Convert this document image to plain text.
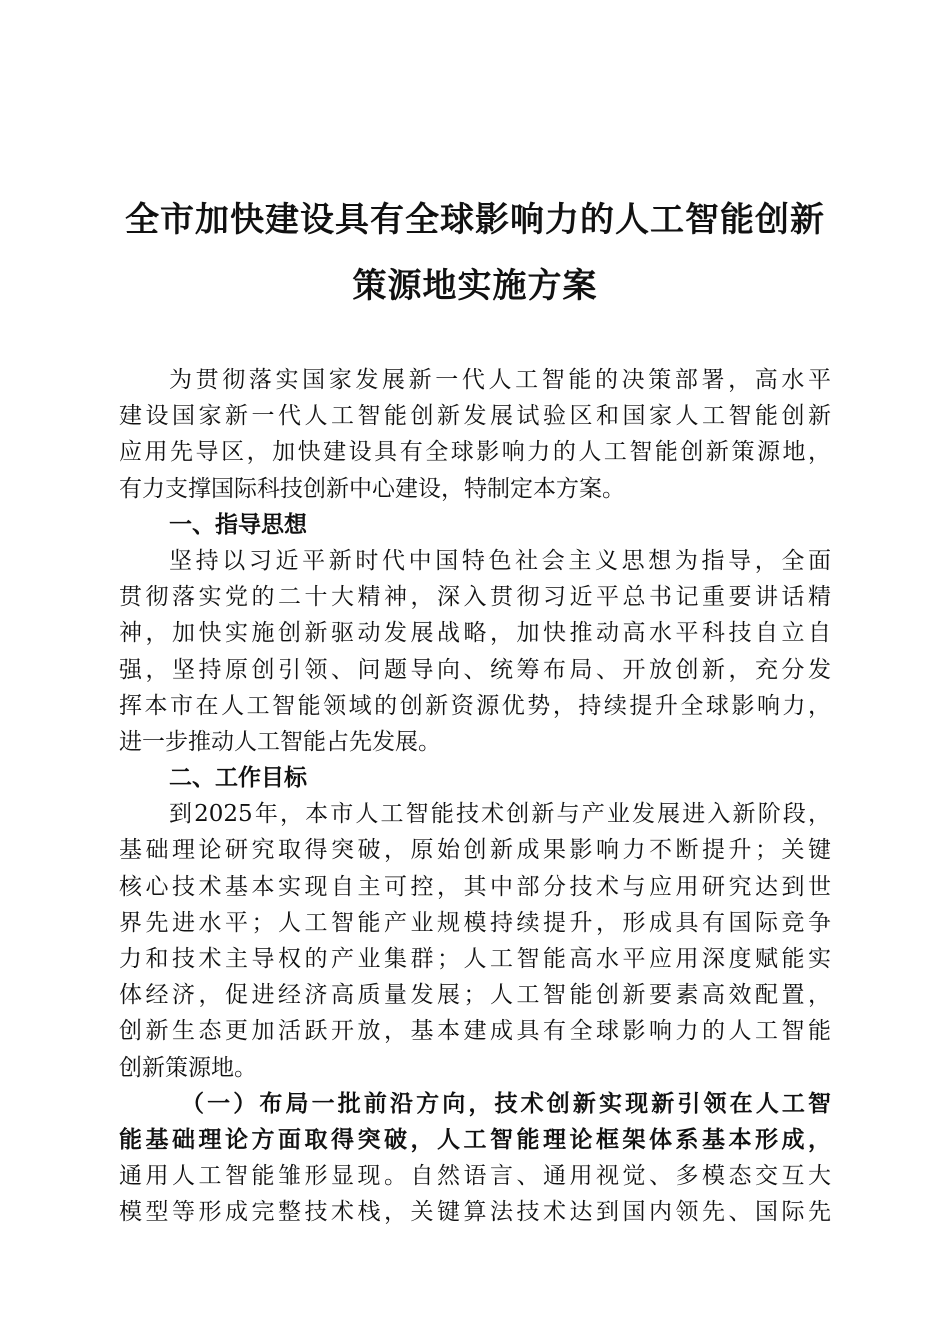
全市加快建设具有全球影响力的人工智能创新
策源地实施方案
为贯彻落实国家发展新一代人工智能的决策部署，高水平
建设国家新一代人工智能创新发展试验区和国家人工智能创新
应用先导区，加快建设具有全球影响力的人工智能创新策源地，
有力支撑国际科技创新中心建设，特制定本方案。
一、指导思想
坚持以习近平新时代中国特色社会主义思想为指导，全面
贯彻落实党的二十大精神，深入贯彻习近平总书记重要讲话精
神，加快实施创新驱动发展战略，加快推动高水平科技自立自
强，坚持原创引领、问题导向、统筹布局、开放创新，充分发
挥本市在人工智能领域的创新资源优势，持续提升全球影响力，
进一步推动人工智能占先发展。
二、工作目标
到2025年，本市人工智能技术创新与产业发展进入新阶段，
基础理论研究取得突破，原始创新成果影响力不断提升；关键
核心技术基本实现自主可控，其中部分技术与应用研究达到世
界先进水平；人工智能产业规模持续提升，形成具有国际竞争
力和技术主导权的产业集群；人工智能高水平应用深度赋能实
体经济，促进经济高质量发展；人工智能创新要素高效配置，
创新生态更加活跃开放，基本建成具有全球影响力的人工智能
创新策源地。
（一）布局一批前沿方向，技术创新实现新引领在人工智
能基础理论方面取得突破，人工智能理论框架体系基本形成，
通用人工智能雏形显现。自然语言、通用视觉、多模态交互大
模型等形成完整技术栈，关键算法技术达到国内领先、国际先
